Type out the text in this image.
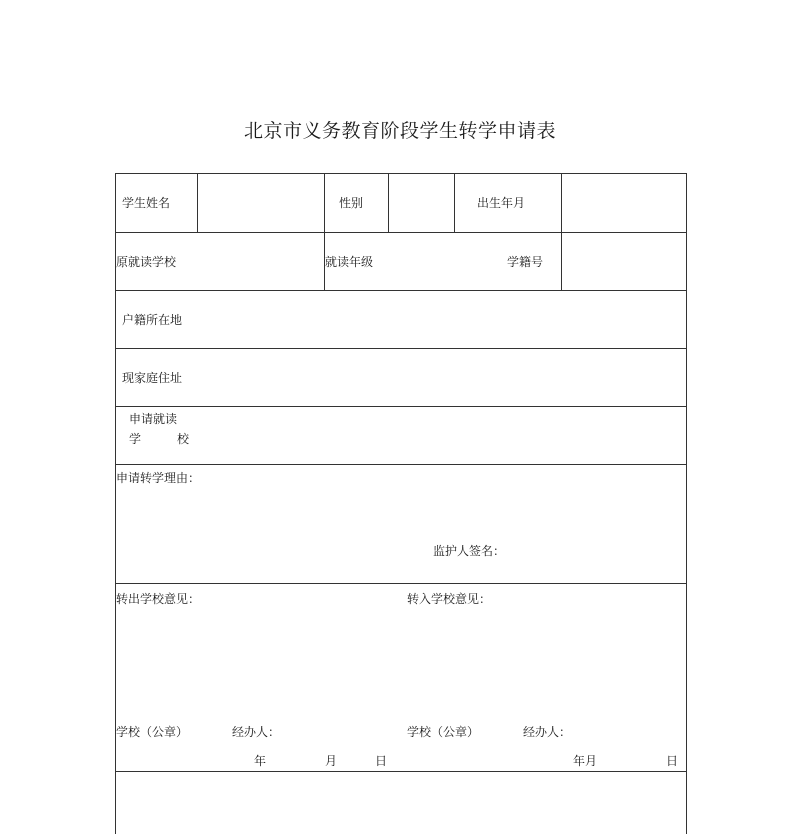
北京市义务教育阶段学生转学申请表
学生姓名	性别	出生年月
原就读学校	就读年级	学籍号
户籍所在地
现家庭住址
申请就读
学	校
申请转学理由：
监护人签名：
转出学校意见：	转入学校意见：
学校（公章）	经办人：	学校（公章）	经办人：
年	月	日	年月	日
